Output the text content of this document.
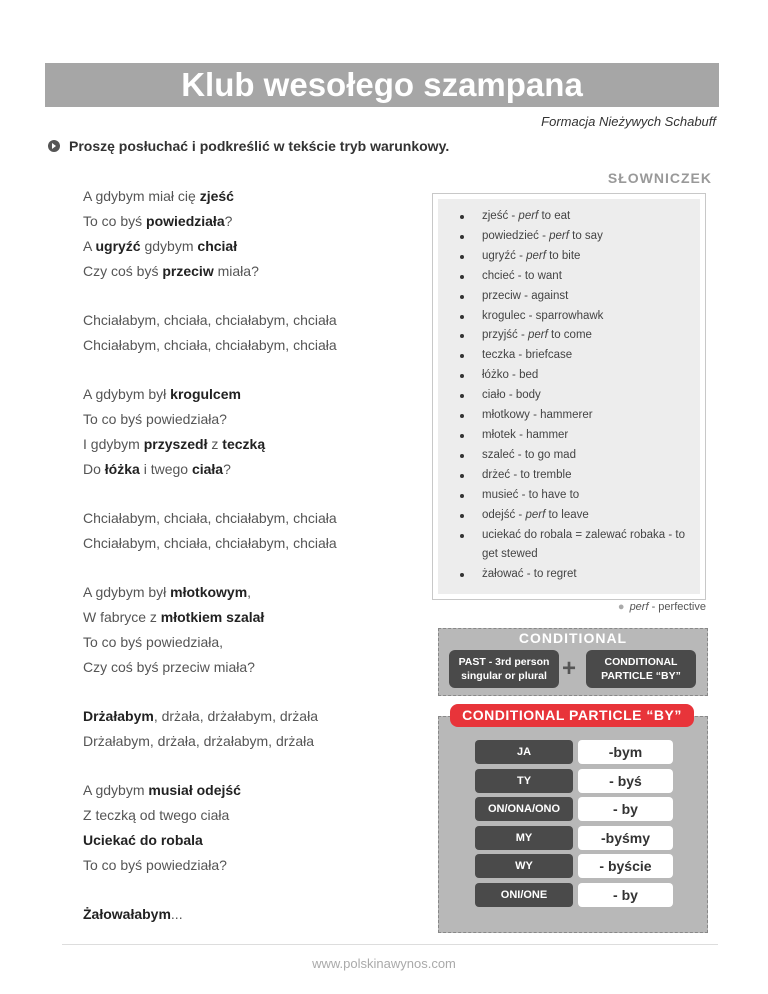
Klub wesołego szampana
Formacja Nieżywych Schabuff
Proszę posłuchać i podkreślić w tekście tryb warunkowy.
A gdybym miał cię zjeść
To co byś powiedziała?
A ugryźć gdybym chciał
Czy coś byś przeciw miała?
Chciałabym, chciała, chciałabym, chciała
Chciałabym, chciała, chciałabym, chciała
A gdybym był krogulcem
To co byś powiedziała?
I gdybym przyszedł z teczką
Do łóżka i twego ciała?
Chciałabym, chciała, chciałabym, chciała
Chciałabym, chciała, chciałabym, chciała
A gdybym był młotkowym,
W fabryce z młotkiem szalał
To co byś powiedziała,
Czy coś byś przeciw miała?
Drżałabym, drżała, drżałabym, drżała
Drżałabym, drżała, drżałabym, drżała
A gdybym musiał odejść
Z teczką od twego ciała
Uciekać do robala
To co byś powiedziała?
Żałowałabym...
SŁOWNICZEK
zjeść - perf to eat
powiedzieć - perf to say
ugryźć - perf to bite
chcieć - to want
przeciw - against
krogulec - sparrowhawk
przyjść - perf to come
teczka - briefcase
łóżko - bed
ciało - body
młotkowy - hammerer
młotek - hammer
szaleć - to go mad
drżeć - to tremble
musieć - to have to
odejść - perf to leave
uciekać do robala = zalewać robaka - to get stewed
żałować - to regret
● perf - perfective
CONDITIONAL
PAST - 3rd person
singular or plural +	CONDITIONAL
PARTICLE “BY”
CONDITIONAL PARTICLE “BY”
JA	-bym
TY	- byś
ON/ONA/ONO	- by
MY	-byśmy
WY	- byście
ONI/ONE	- by
www.polskinawynos.com
